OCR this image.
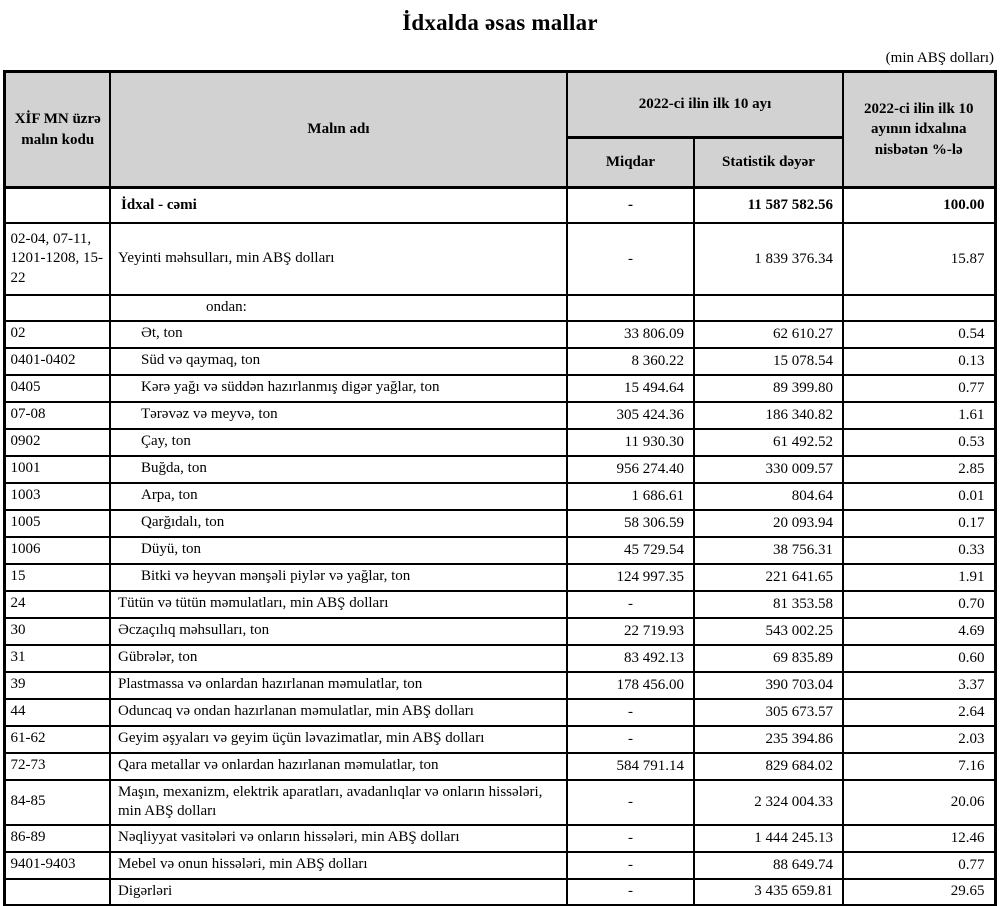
İdxalda əsas mallar
(min ABŞ dolları)
XİF MN üzrə malın kodu	Malın adı	2022-ci ilin ilk 10 ayı		2022-ci ilin ilk 10 ayının idxalına nisbətən %-lə
		Miqdar	Statistik dəyər	
	İdxal - cəmi	-	11 587 582.56	100.00
02-04, 07-11, 1201-1208, 15-22	Yeyinti məhsulları, min ABŞ dolları	-	1 839 376.34	15.87
	ondan:			
02	Ət, ton	33 806.09	62 610.27	0.54
0401-0402	Süd və qaymaq, ton	8 360.22	15 078.54	0.13
0405	Kərə yağı və süddən hazırlanmış digər yağlar, ton	15 494.64	89 399.80	0.77
07-08	Tərəvəz və meyvə, ton	305 424.36	186 340.82	1.61
0902	Çay, ton	11 930.30	61 492.52	0.53
1001	Buğda, ton	956 274.40	330 009.57	2.85
1003	Arpa, ton	1 686.61	804.64	0.01
1005	Qarğıdalı, ton	58 306.59	20 093.94	0.17
1006	Düyü, ton	45 729.54	38 756.31	0.33
15	Bitki və heyvan mənşəli piylər və yağlar, ton	124 997.35	221 641.65	1.91
24	Tütün və tütün məmulatları, min ABŞ dolları	-	81 353.58	0.70
30	Əczaçılıq məhsulları, ton	22 719.93	543 002.25	4.69
31	Gübrələr, ton	83 492.13	69 835.89	0.60
39	Plastmassa və onlardan hazırlanan məmulatlar, ton	178 456.00	390 703.04	3.37
44	Oduncaq və ondan hazırlanan məmulatlar, min ABŞ dolları	-	305 673.57	2.64
61-62	Geyim əşyaları və geyim üçün ləvazimatlar, min ABŞ dolları	-	235 394.86	2.03
72-73	Qara metallar və onlardan hazırlanan məmulatlar, ton	584 791.14	829 684.02	7.16
84-85	Maşın, mexanizm, elektrik aparatları, avadanlıqlar və onların hissələri, min ABŞ dolları	-	2 324 004.33	20.06
86-89	Nəqliyyat vasitələri və onların hissələri, min ABŞ dolları	-	1 444 245.13	12.46
9401-9403	Mebel və onun hissələri, min ABŞ dolları	-	88 649.74	0.77
	Digərləri	-	3 435 659.81	29.65
